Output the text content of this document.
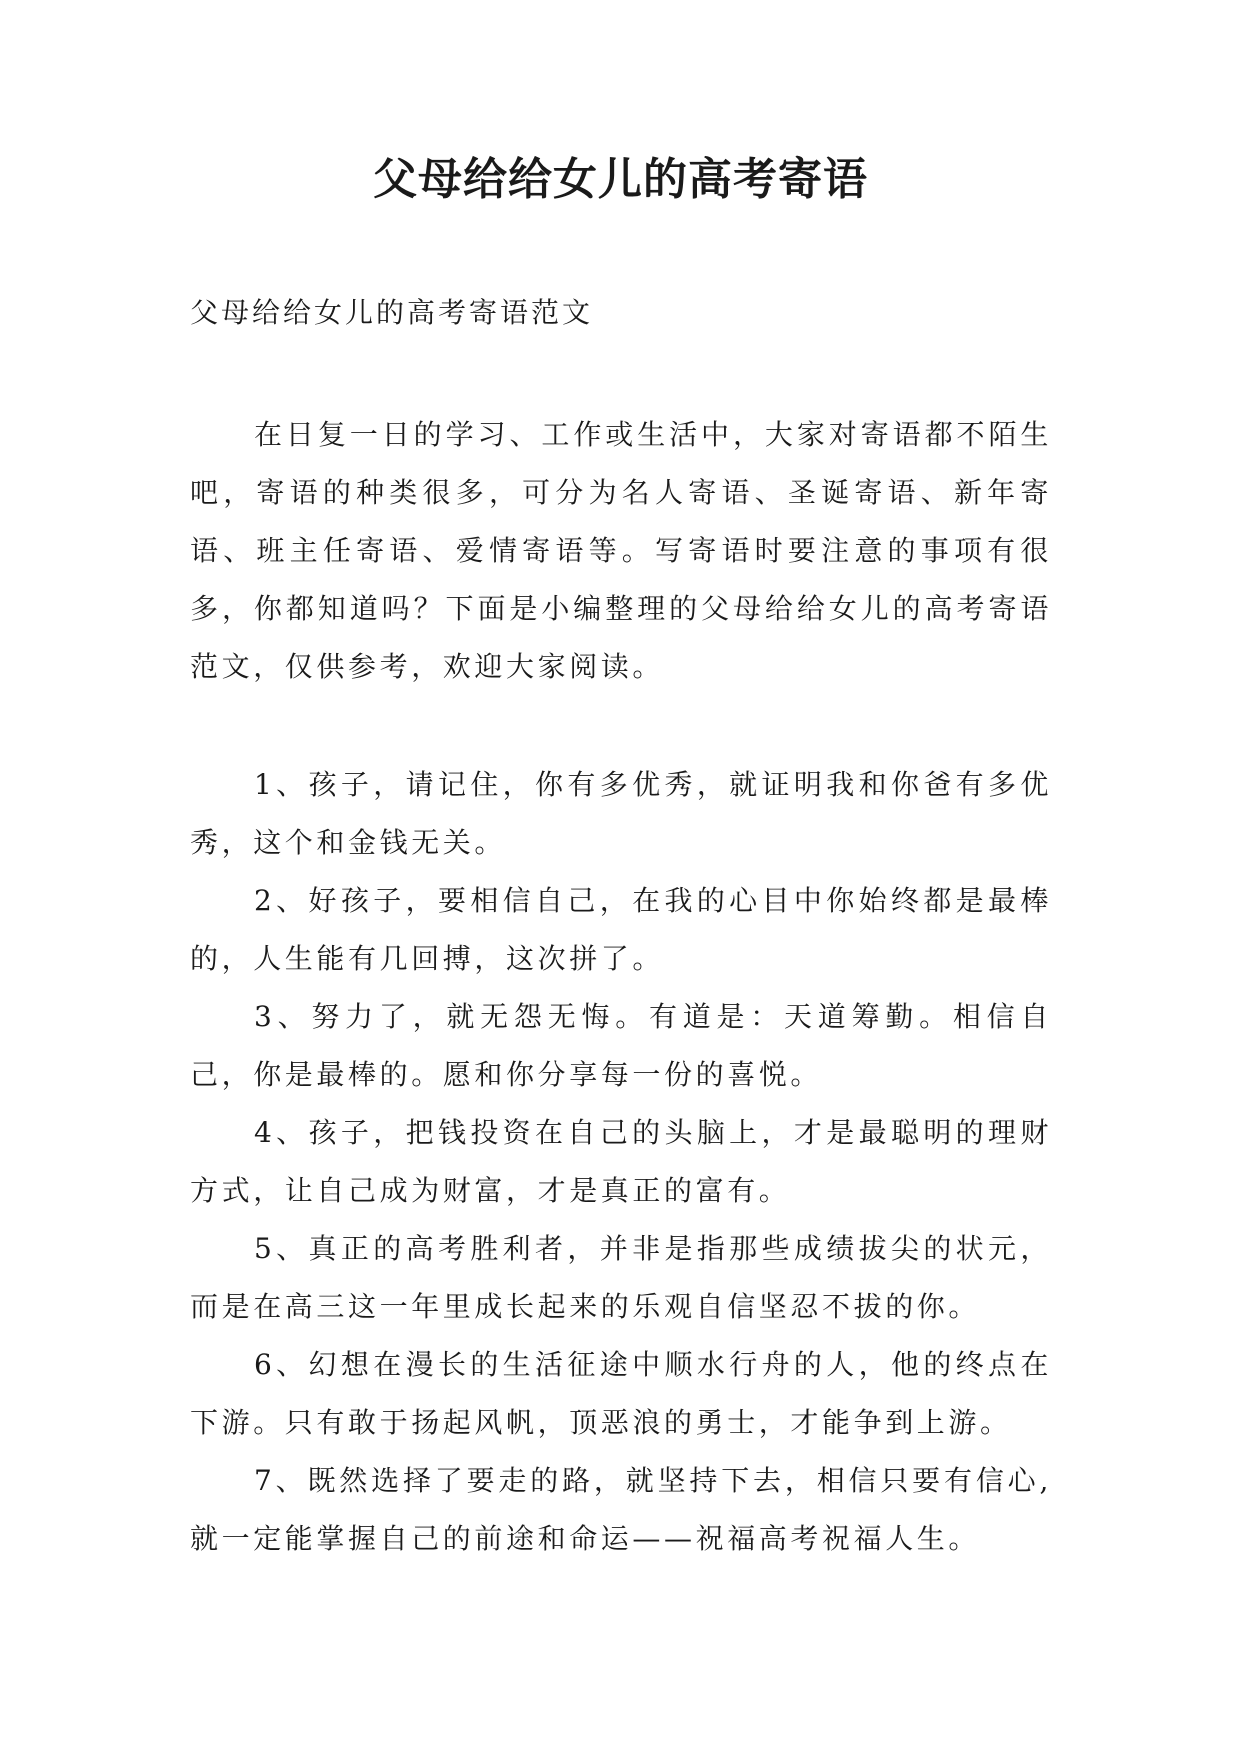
父母给给女儿的高考寄语

父母给给女儿的高考寄语范文

在日复一日的学习、工作或生活中，大家对寄语都不陌生吧，寄语的种类很多，可分为名人寄语、圣诞寄语、新年寄语、班主任寄语、爱情寄语等。写寄语时要注意的事项有很多，你都知道吗？下面是小编整理的父母给给女儿的高考寄语范文，仅供参考，欢迎大家阅读。

1、孩子，请记住，你有多优秀，就证明我和你爸有多优秀，这个和金钱无关。
2、好孩子，要相信自己，在我的心目中你始终都是最棒的，人生能有几回搏，这次拼了。
3、努力了，就无怨无悔。有道是：天道筹勤。相信自己，你是最棒的。愿和你分享每一份的喜悦。
4、孩子，把钱投资在自己的头脑上，才是最聪明的理财方式，让自己成为财富，才是真正的富有。
5、真正的高考胜利者，并非是指那些成绩拔尖的状元，而是在高三这一年里成长起来的乐观自信坚忍不拔的你。
6、幻想在漫长的生活征途中顺水行舟的人，他的终点在下游。只有敢于扬起风帆，顶恶浪的勇士，才能争到上游。
7、既然选择了要走的路，就坚持下去，相信只要有信心,就一定能掌握自己的前途和命运——祝福高考祝福人生。
